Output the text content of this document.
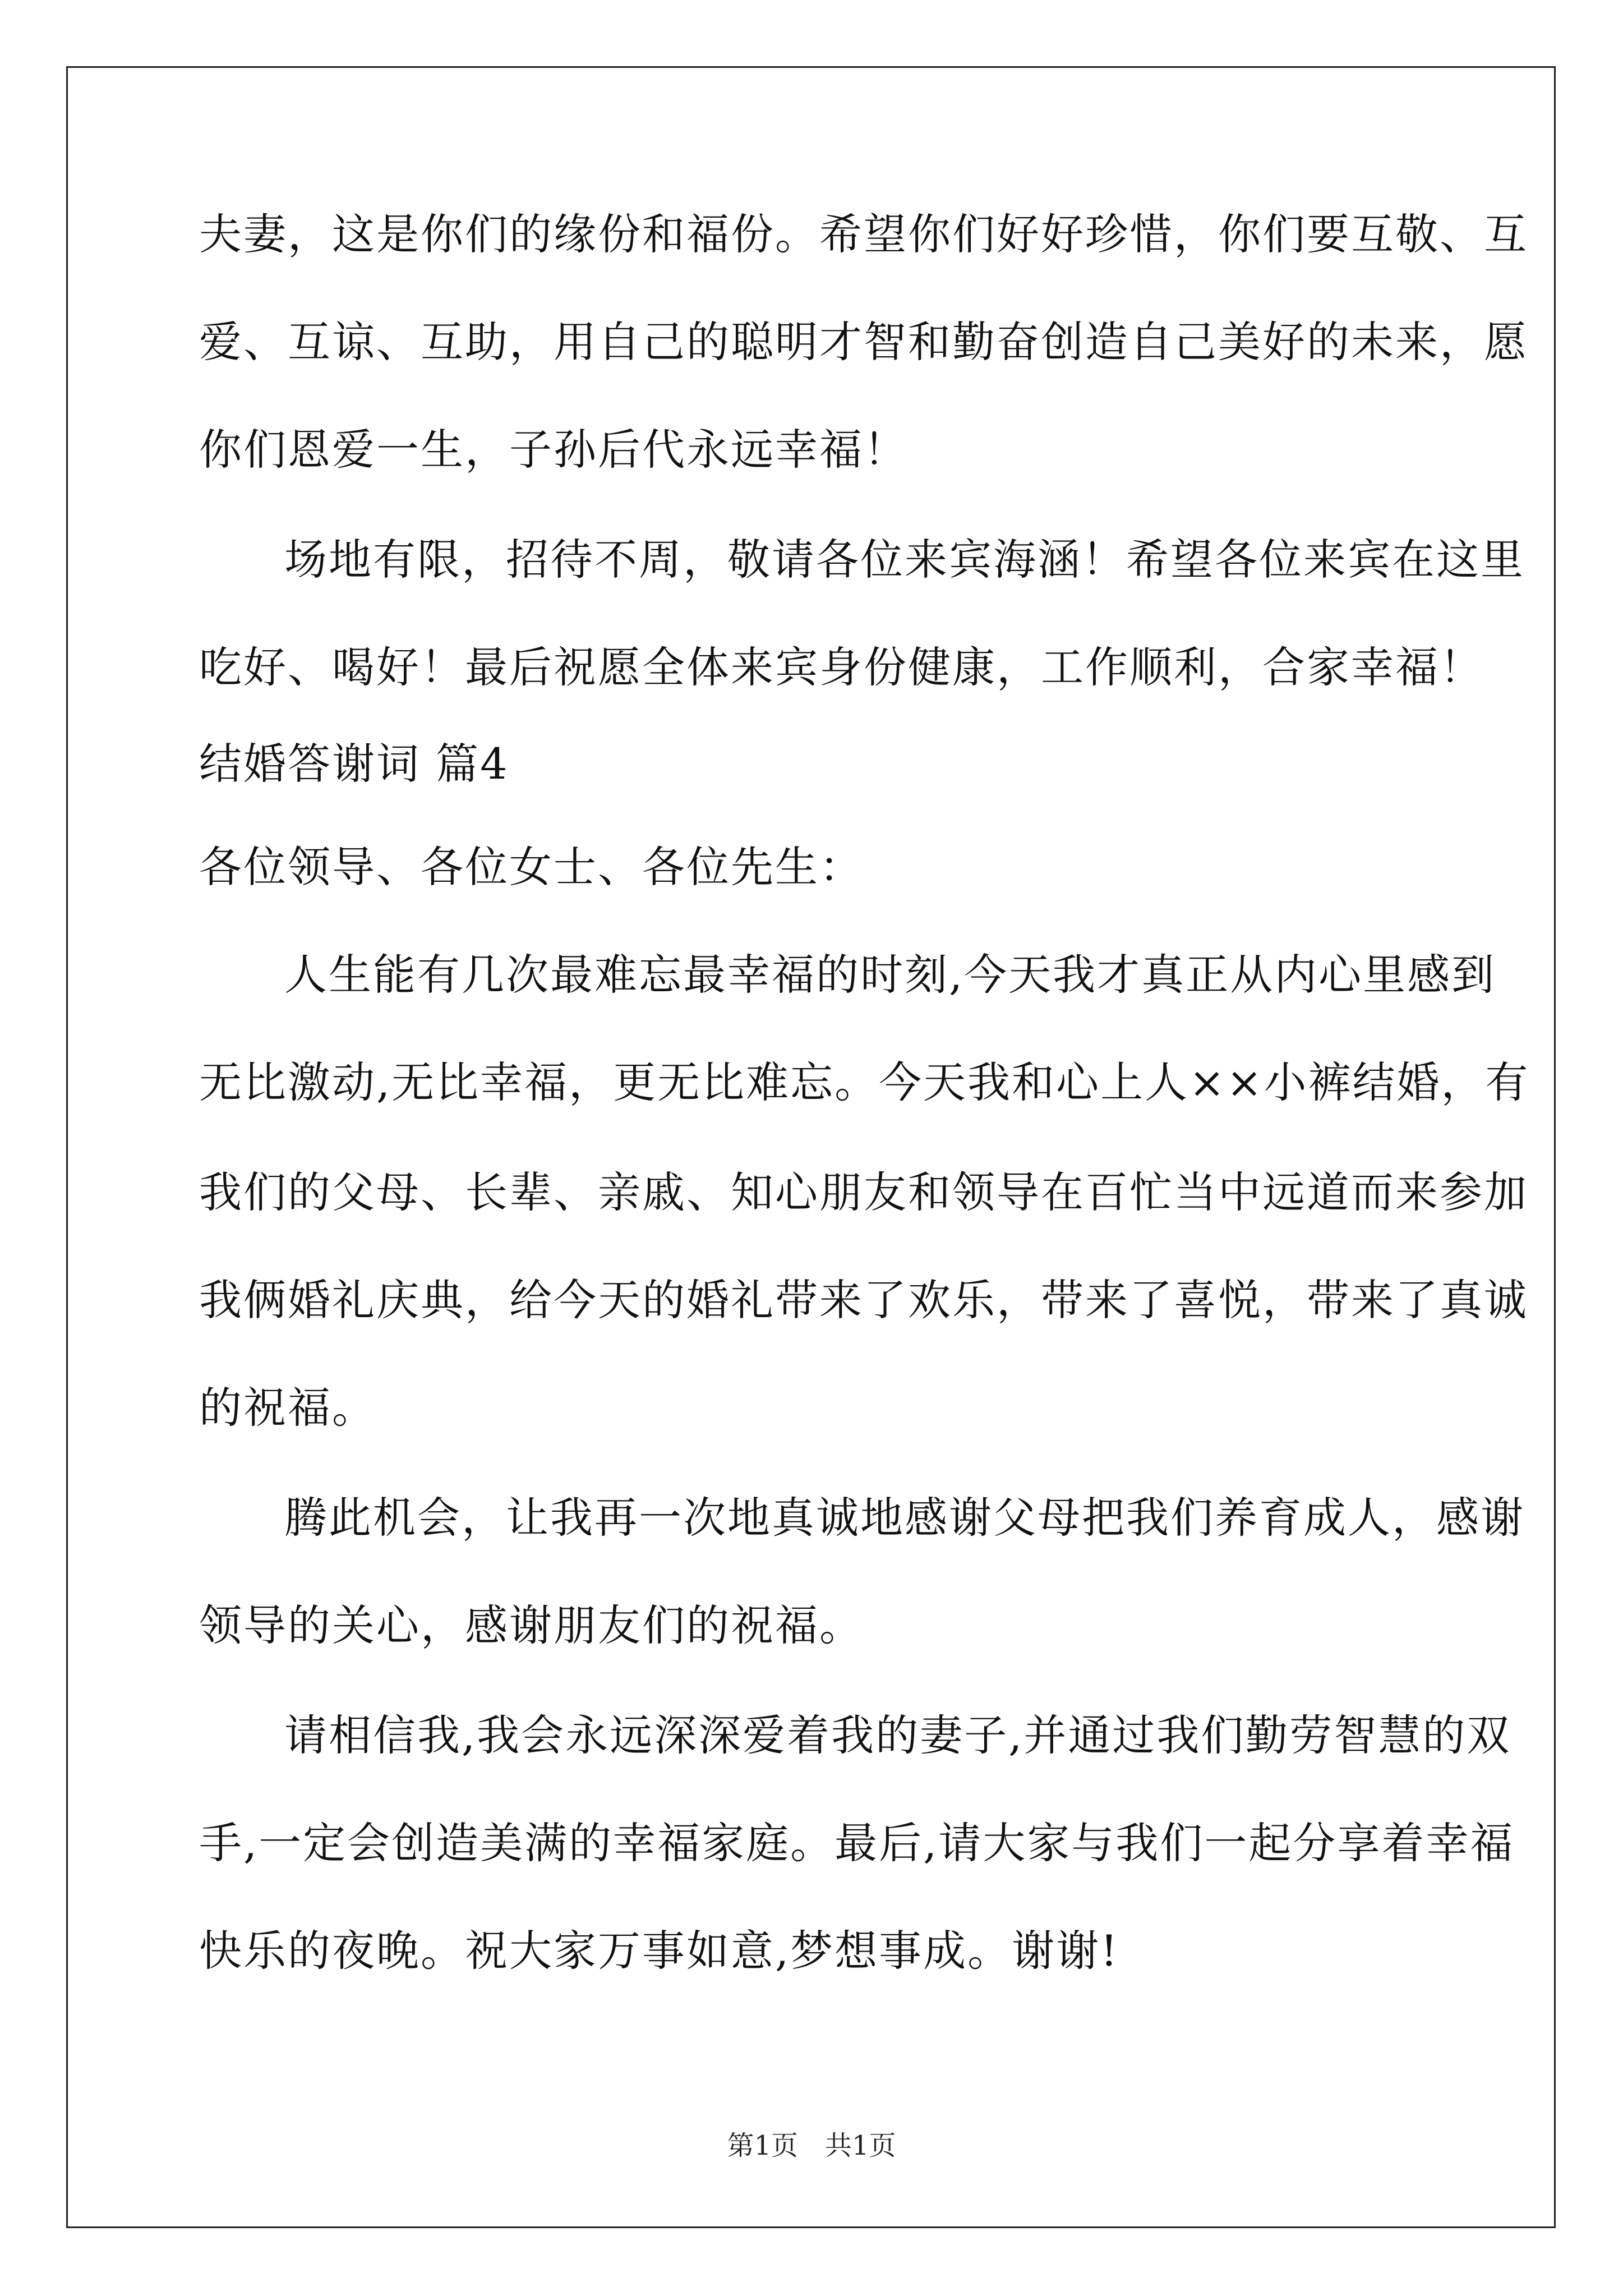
夫妻，这是你们的缘份和福份。希望你们好好珍惜，你们要互敬、互
爱、互谅、互助，用自己的聪明才智和勤奋创造自己美好的未来，愿
你们恩爱一生，子孙后代永远幸福！
场地有限，招待不周，敬请各位来宾海涵！希望各位来宾在这里
吃好、喝好！最后祝愿全体来宾身份健康，工作顺利，合家幸福！
结婚答谢词 篇4
各位领导、各位女士、各位先生：
人生能有几次最难忘最幸福的时刻,今天我才真正从内心里感到
无比激动,无比幸福，更无比难忘。今天我和心上人××小裤结婚，有
我们的父母、长辈、亲戚、知心朋友和领导在百忙当中远道而来参加
我俩婚礼庆典，给今天的婚礼带来了欢乐，带来了喜悦，带来了真诚
的祝福。
腾此机会，让我再一次地真诚地感谢父母把我们养育成人，感谢
领导的关心，感谢朋友们的祝福。
请相信我,我会永远深深爱着我的妻子,并通过我们勤劳智慧的双
手,一定会创造美满的幸福家庭。最后,请大家与我们一起分享着幸福
快乐的夜晚。祝大家万事如意,梦想事成。谢谢!
第1页　共1页
